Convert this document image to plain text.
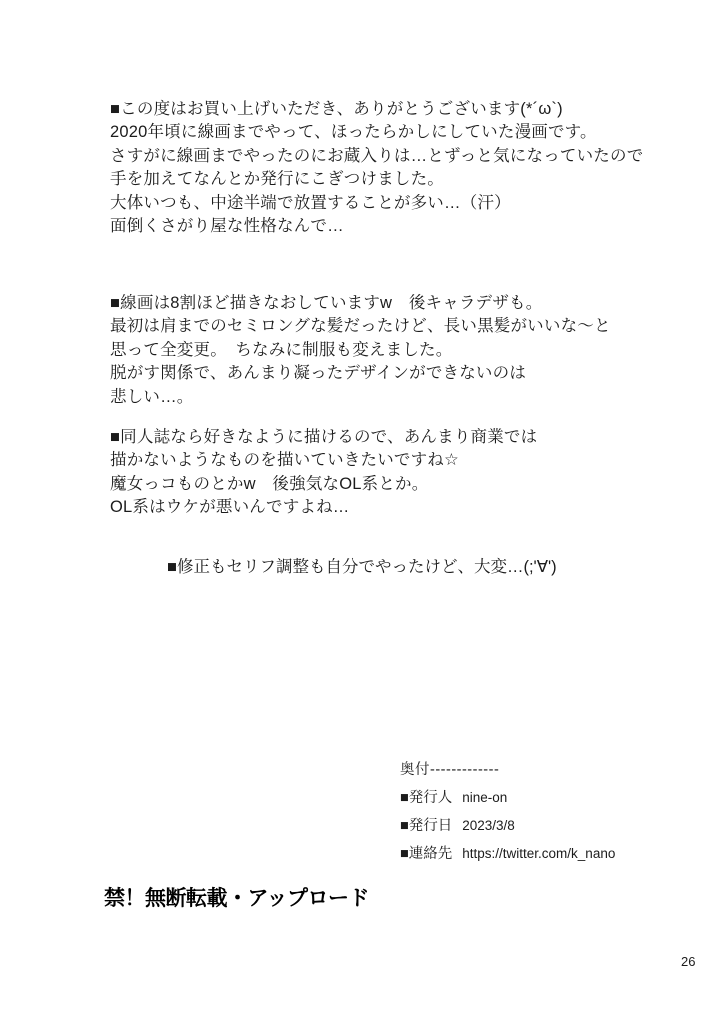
■この度はお買い上げいただき、ありがとうございます(*´ω`)
2020年頃に線画までやって、ほったらかしにしていた漫画です。
さすがに線画までやったのにお蔵入りは…とずっと気になっていたので
手を加えてなんとか発行にこぎつけました。
大体いつも、中途半端で放置することが多い…（汗）
面倒くさがり屋な性格なんで…
■線画は8割ほど描きなおしていますw　後キャラデザも。
最初は肩までのセミロングな髪だったけど、長い黒髪がいいな～と
思って全変更。　ちなみに制服も変えました。
脱がす関係で、あんまり凝ったデザインができないのは
悲しい…。
■同人誌なら好きなように描けるので、あんまり商業では
描かないようなものを描いていきたいですね☆
魔女っコものとかw　後強気なOL系とか。
OL系はウケが悪いんですよね…
■修正もセリフ調整も自分でやったけど、大変…(;'∀')
奥付-------------
■発行人 nine-on
■発行日 2023/3/8
■連絡先 https://twitter.com/k_nano
禁！無断転載・アップロード
26
